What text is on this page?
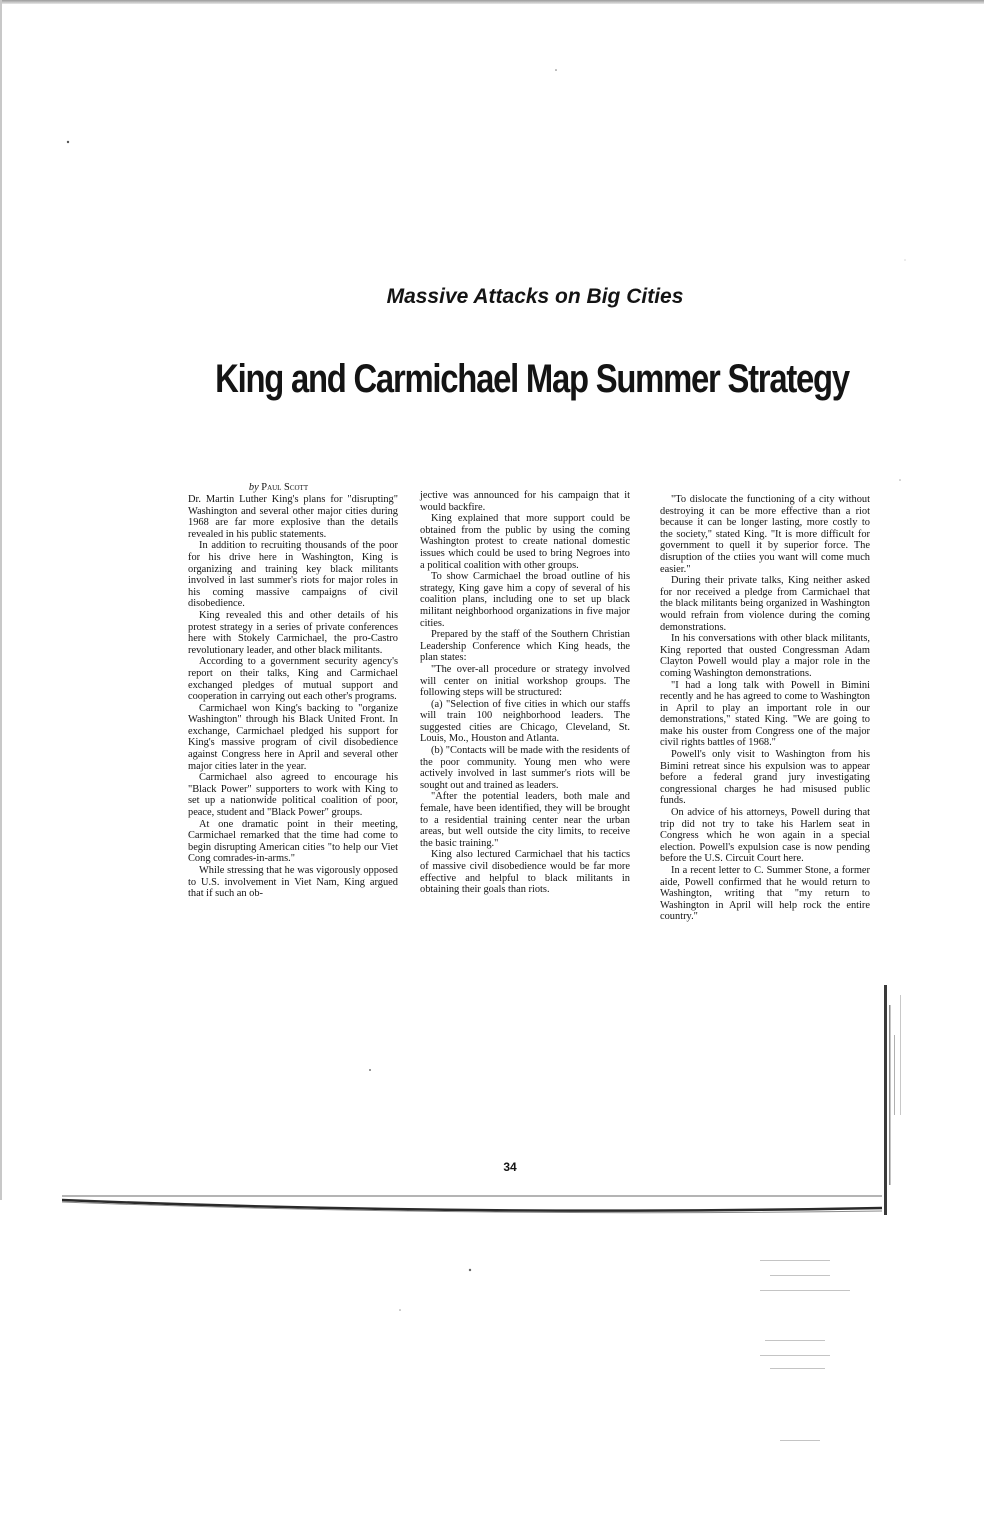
Massive Attacks on Big Cities
King and Carmichael Map Summer Strategy

by Paul Scott

Dr. Martin Luther King's plans for "disrupting" Washington and several other major cities during 1968 are far more explosive than the details revealed in his public statements.

In addition to recruiting thousands of the poor for his drive here in Washington, King is organizing and training key black militants involved in last summer's riots for major roles in his coming massive campaigns of civil disobedience.

King revealed this and other details of his protest strategy in a series of private conferences here with Stokely Carmichael, the pro-Castro revolutionary leader, and other black militants.

According to a government security agency's report on their talks, King and Carmichael exchanged pledges of mutual support and cooperation in carrying out each other's programs.

Carmichael won King's backing to "organize Washington" through his Black United Front. In exchange, Carmichael pledged his support for King's massive program of civil disobedience against Congress here in April and several other major cities later in the year.

Carmichael also agreed to encourage his "Black Power" supporters to work with King to set up a nationwide political coalition of poor, peace, student and "Black Power" groups.

At one dramatic point in their meeting, Carmichael remarked that the time had come to begin disrupting American cities "to help our Viet Cong comrades-in-arms."

While stressing that he was vigorously opposed to U.S. involvement in Viet Nam, King argued that if such an ob-

jective was announced for his campaign that it would backfire.

King explained that more support could be obtained from the public by using the coming Washington protest to create national domestic issues which could be used to bring Negroes into a political coalition with other groups.

To show Carmichael the broad outline of his strategy, King gave him a copy of several of his coalition plans, including one to set up black militant neighborhood organizations in five major cities.

Prepared by the staff of the Southern Christian Leadership Conference which King heads, the plan states:

"The over-all procedure or strategy involved will center on initial workshop groups. The following steps will be structured:

(a) "Selection of five cities in which our staffs will train 100 neighborhood leaders. The suggested cities are Chicago, Cleveland, St. Louis, Mo., Houston and Atlanta.

(b) "Contacts will be made with the residents of the poor community. Young men who were actively involved in last summer's riots will be sought out and trained as leaders.

"After the potential leaders, both male and female, have been identified, they will be brought to a residential training center near the urban areas, but well outside the city limits, to receive the basic training."

King also lectured Carmichael that his tactics of massive civil disobedience would be far more effective and helpful to black militants in obtaining their goals than riots.

"To dislocate the functioning of a city without destroying it can be more effective than a riot because it can be longer lasting, more costly to the society," stated King. "It is more difficult for government to quell it by superior force. The disruption of the ctiies you want will come much easier."

During their private talks, King neither asked for nor received a pledge from Carmichael that the black militants being organized in Washington would refrain from violence during the coming demonstrations.

In his conversations with other black militants, King reported that ousted Congressman Adam Clayton Powell would play a major role in the coming Washington demonstrations.

"I had a long talk with Powell in Bimini recently and he has agreed to come to Washington in April to play an important role in our demonstrations," stated King. "We are going to make his ouster from Congress one of the major civil rights battles of 1968."

Powell's only visit to Washington from his Bimini retreat since his expulsion was to appear before a federal grand jury investigating congressional charges he had misused public funds.

On advice of his attorneys, Powell during that trip did not try to take his Harlem seat in Congress which he won again in a special election. Powell's expulsion case is now pending before the U.S. Circuit Court here.

In a recent letter to C. Summer Stone, a former aide, Powell confirmed that he would return to Washington, writing that "my return to Washington in April will help rock the entire country."

34
